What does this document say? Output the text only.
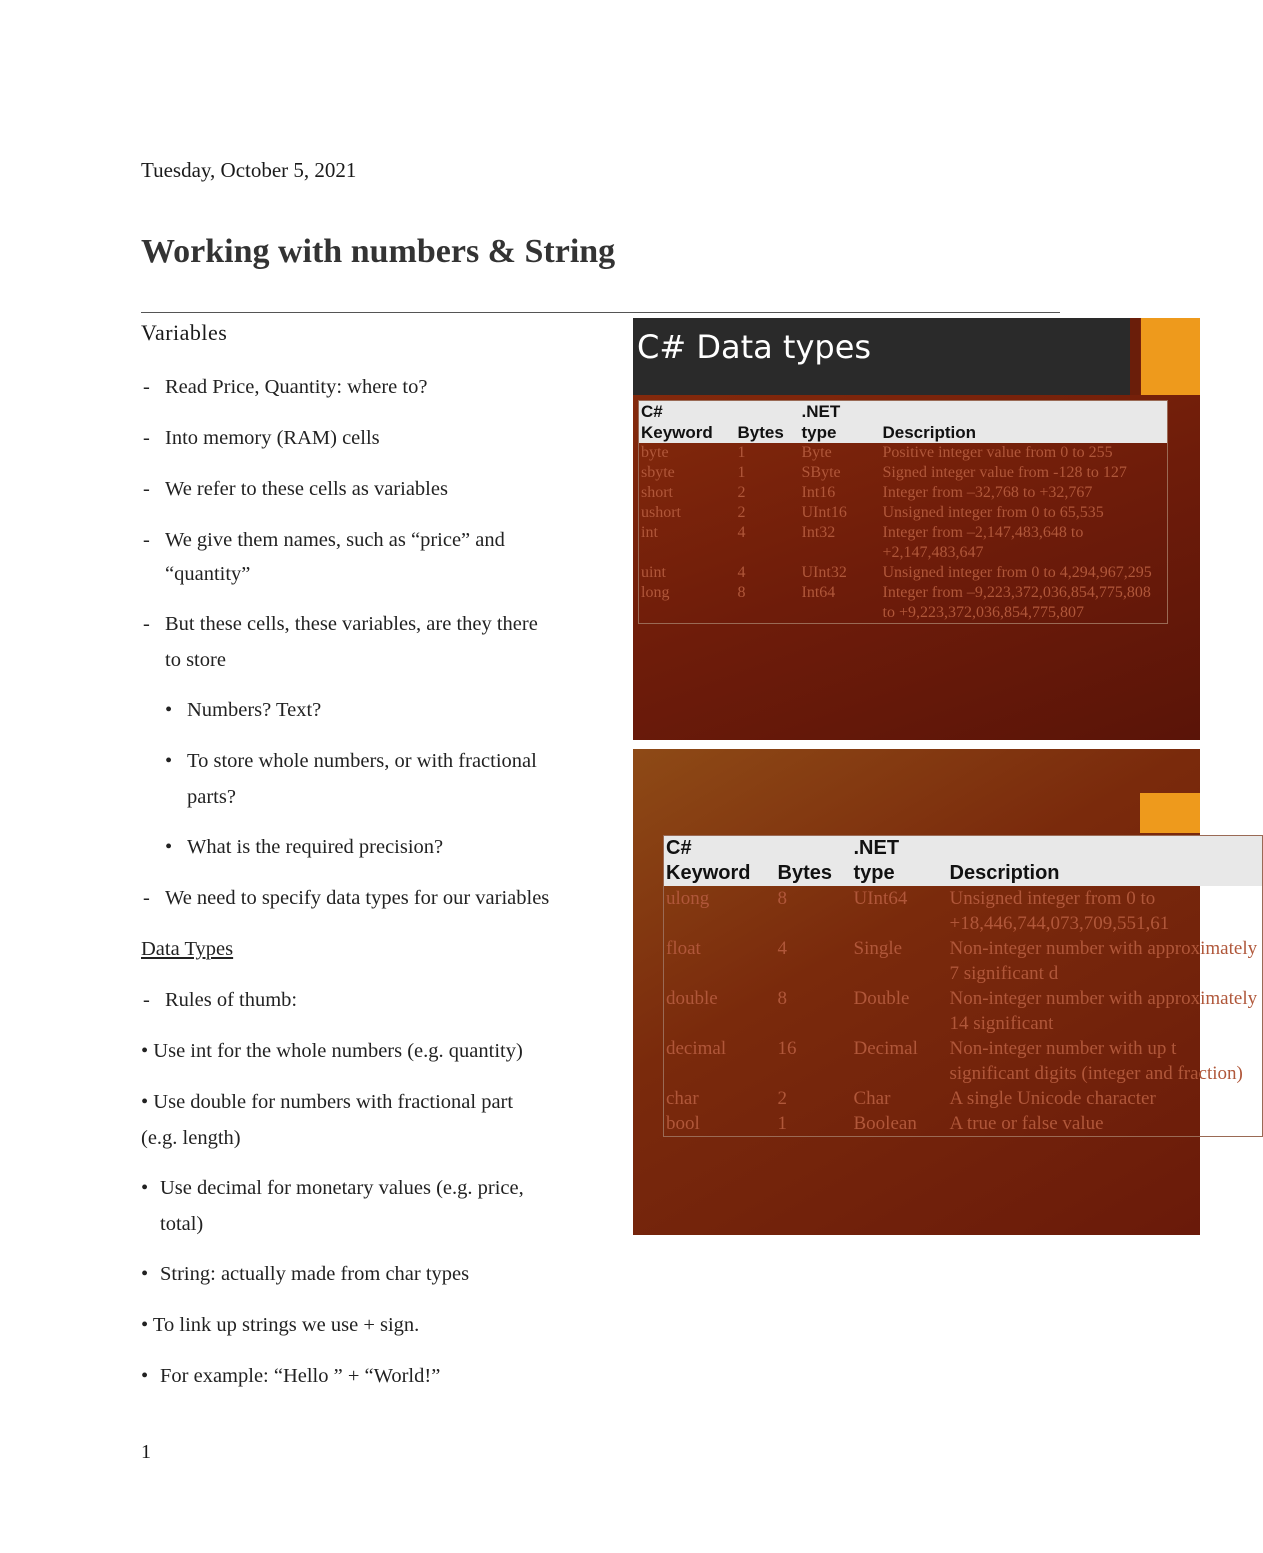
Tuesday, October 5, 2021
Working with numbers & String
Variables
- Read Price, Quantity: where to?
- Into memory (RAM) cells
- We refer to these cells as variables
- We give them names, such as “price” and
“quantity”
- But these cells, these variables, are they there
to store
• Numbers? Text?
• To store whole numbers, or with fractional
parts?
• What is the required precision?
- We need to specify data types for our variables
Data Types
- Rules of thumb:
• Use int for the whole numbers (e.g. quantity)
• Use double for numbers with fractional part
(e.g. length)
• Use decimal for monetary values (e.g. price,
total)
• String: actually made from char types
• To link up strings we use + sign.
• For example: “Hello ” + “World!”
1
C# Data types
C#
Keyword	Bytes	.NET
type	Description
byte	1	Byte	Positive integer value from 0 to 255
sbyte	1	SByte	Signed integer value from -128 to 127
short	2	Int16	Integer from –32,768 to +32,767
ushort	2	UInt16	Unsigned integer from 0 to 65,535
int	4	Int32	Integer from –2,147,483,648 to +2,147,483,647
uint	4	UInt32	Unsigned integer from 0 to 4,294,967,295
long	8	Int64	Integer from –9,223,372,036,854,775,808 to +9,223,372,036,854,775,807
C#
Keyword	Bytes	.NET
type	Description
ulong	8	UInt64	Unsigned integer from 0 to +18,446,744,073,709,551,61
float	4	Single	Non-integer number with approximately 7 significant d
double	8	Double	Non-integer number with approximately 14 significant
decimal	16	Decimal	Non-integer number with up t significant digits (integer and fraction)
char	2	Char	A single Unicode character
bool	1	Boolean	A true or false value
